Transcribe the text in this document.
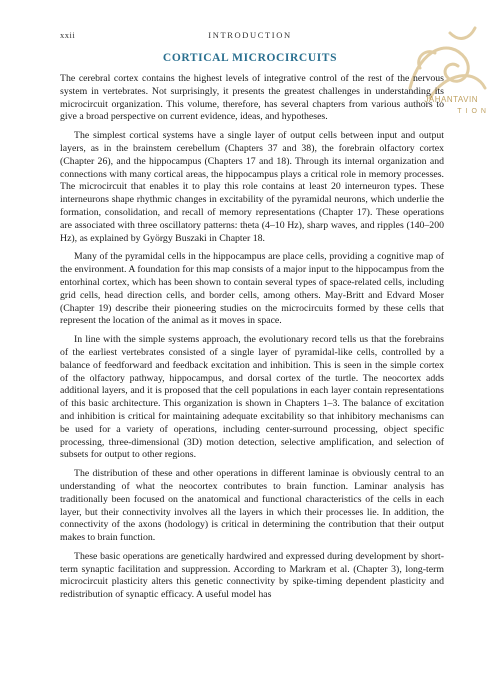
xxii	INTRODUCTION
JAHANTAVIN
TION
CORTICAL MICROCIRCUITS

The cerebral cortex contains the highest levels of integrative control of the rest of the nervous system in vertebrates. Not surprisingly, it presents the greatest challenges in understanding its microcircuit organization. This volume, therefore, has several chapters from various authors to give a broad perspective on current evidence, ideas, and hypotheses.

The simplest cortical systems have a single layer of output cells between input and output layers, as in the brainstem cerebellum (Chapters 37 and 38), the forebrain olfactory cortex (Chapter 26), and the hippocampus (Chapters 17 and 18). Through its internal organization and connections with many cortical areas, the hippocampus plays a critical role in memory processes. The microcircuit that enables it to play this role contains at least 20 interneuron types. These interneurons shape rhythmic changes in excitability of the pyramidal neurons, which underlie the formation, consolidation, and recall of memory representations (Chapter 17). These operations are associated with three oscillatory patterns: theta (4–10 Hz), sharp waves, and ripples (140–200 Hz), as explained by György Buszaki in Chapter 18.

Many of the pyramidal cells in the hippocampus are place cells, providing a cognitive map of the environment. A foundation for this map consists of a major input to the hippocampus from the entorhinal cortex, which has been shown to contain several types of space-related cells, including grid cells, head direction cells, and border cells, among others. May-Britt and Edvard Moser (Chapter 19) describe their pioneering studies on the microcircuits formed by these cells that represent the location of the animal as it moves in space.

In line with the simple systems approach, the evolutionary record tells us that the forebrains of the earliest vertebrates consisted of a single layer of pyramidal-like cells, controlled by a balance of feedforward and feedback excitation and inhibition. This is seen in the simple cortex of the olfactory pathway, hippocampus, and dorsal cortex of the turtle. The neocortex adds additional layers, and it is proposed that the cell populations in each layer contain representations of this basic architecture. This organization is shown in Chapters 1–3. The balance of excitation and inhibition is critical for maintaining adequate excitability so that inhibitory mechanisms can be used for a variety of operations, including center-surround processing, object specific processing, three-dimensional (3D) motion detection, selective amplification, and selection of subsets for output to other regions.

The distribution of these and other operations in different laminae is obviously central to an understanding of what the neocortex contributes to brain function. Laminar analysis has traditionally been focused on the anatomical and functional characteristics of the cells in each layer, but their connectivity involves all the layers in which their processes lie. In addition, the connectivity of the axons (hodology) is critical in determining the contribution that their output makes to brain function.

These basic operations are genetically hardwired and expressed during development by short-term synaptic facilitation and suppression. According to Markram et al. (Chapter 3), long-term microcircuit plasticity alters this genetic connectivity by spike-timing dependent plasticity and redistribution of synaptic efficacy. A useful model has
